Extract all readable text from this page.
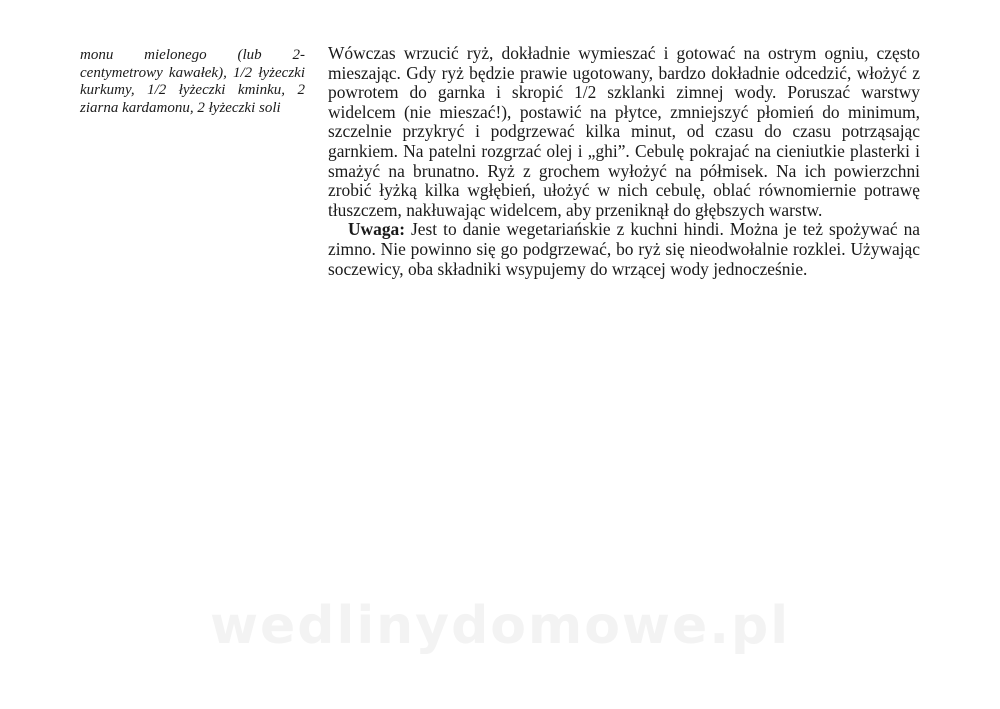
monu mielonego (lub 2-centymetrowy kawałek), 1/2 łyżeczki kurkumy, 1/2 łyżeczki kminku, 2 ziarna kardamonu, 2 łyżeczki soli

Wówczas wrzucić ryż, dokładnie wymieszać i gotować na ostrym ogniu, często mieszając. Gdy ryż będzie prawie ugotowany, bardzo dokładnie odcedzić, włożyć z powrotem do garnka i skropić 1/2 szklanki zimnej wody. Poruszać warstwy widelcem (nie mieszać!), postawić na płytce, zmniejszyć płomień do minimum, szczelnie przykryć i podgrzewać kilka minut, od czasu do czasu potrząsając garnkiem. Na patelni rozgrzać olej i „ghi”. Cebulę pokrajać na cieniutkie plasterki i smażyć na brunatno. Ryż z grochem wyłożyć na półmisek. Na ich powierzchni zrobić łyżką kilka wgłębień, ułożyć w nich cebulę, oblać równomiernie potrawę tłuszczem, nakłuwając widelcem, aby przeniknął do głębszych warstw.

Uwaga: Jest to danie wegetariańskie z kuchni hindi. Można je też spożywać na zimno. Nie powinno się go podgrzewać, bo ryż się nieodwołalnie rozklei. Używając soczewicy, oba składniki wsypujemy do wrzącej wody jednocześnie.

wedlinydomowe.pl
